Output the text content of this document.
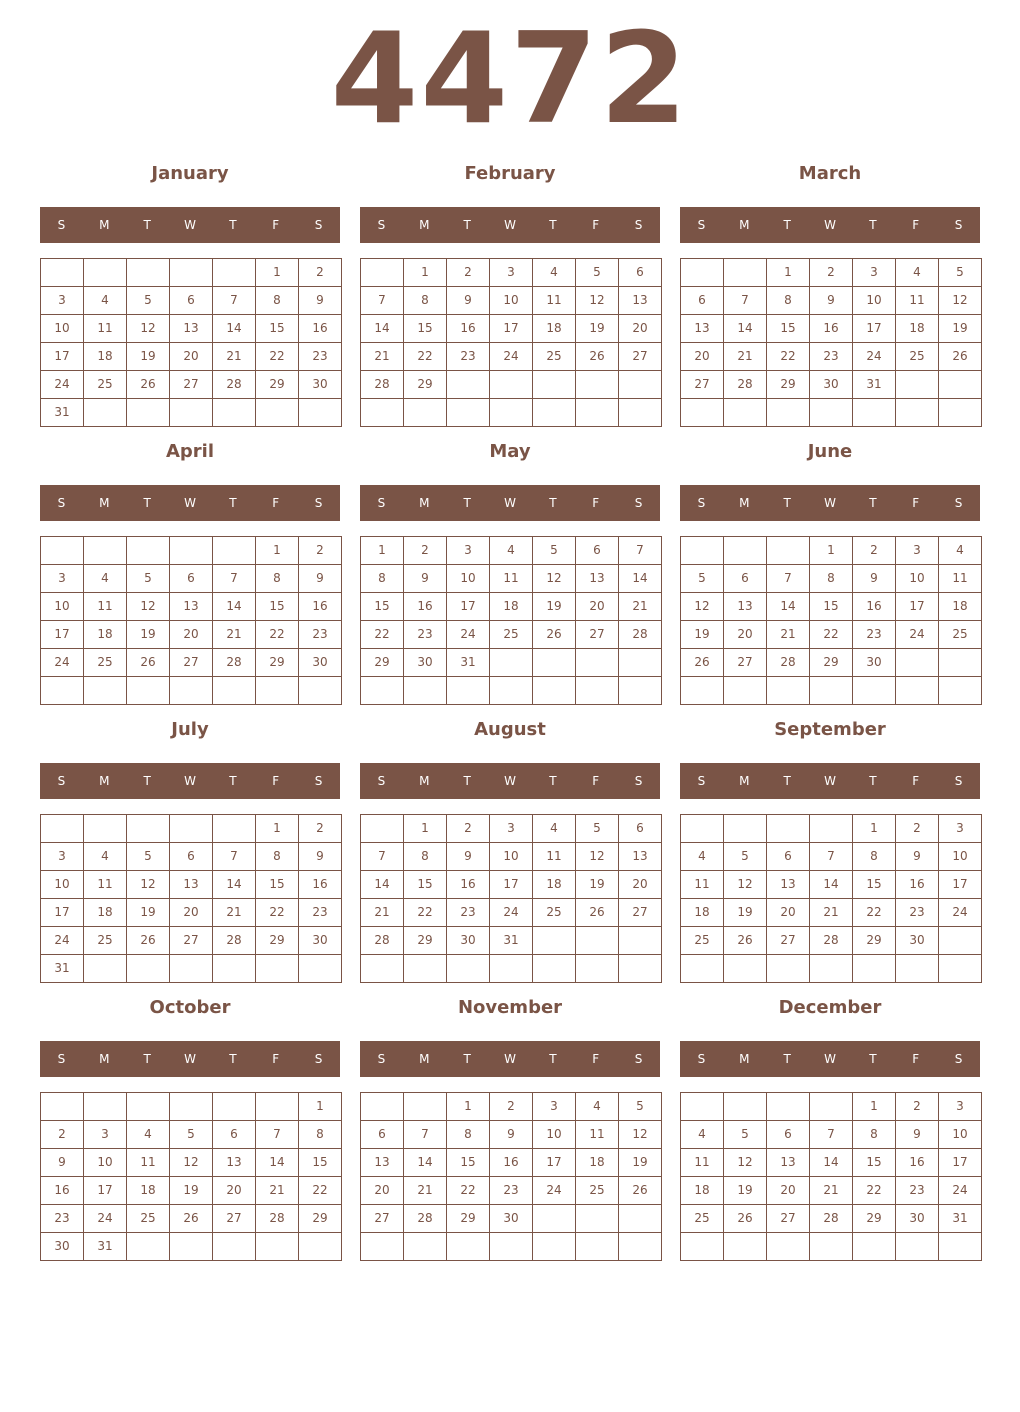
4472
January
S	M	T	W	T	F	S
					1	2
3	4	5	6	7	8	9
10	11	12	13	14	15	16
17	18	19	20	21	22	23
24	25	26	27	28	29	30
31						
February
S	M	T	W	T	F	S
	1	2	3	4	5	6
7	8	9	10	11	12	13
14	15	16	17	18	19	20
21	22	23	24	25	26	27
28	29					

March
S	M	T	W	T	F	S
		1	2	3	4	5
6	7	8	9	10	11	12
13	14	15	16	17	18	19
20	21	22	23	24	25	26
27	28	29	30	31		

April
S	M	T	W	T	F	S
					1	2
3	4	5	6	7	8	9
10	11	12	13	14	15	16
17	18	19	20	21	22	23
24	25	26	27	28	29	30

May
S	M	T	W	T	F	S
1	2	3	4	5	6	7
8	9	10	11	12	13	14
15	16	17	18	19	20	21
22	23	24	25	26	27	28
29	30	31				

June
S	M	T	W	T	F	S
			1	2	3	4
5	6	7	8	9	10	11
12	13	14	15	16	17	18
19	20	21	22	23	24	25
26	27	28	29	30		

July
S	M	T	W	T	F	S
					1	2
3	4	5	6	7	8	9
10	11	12	13	14	15	16
17	18	19	20	21	22	23
24	25	26	27	28	29	30
31						
August
S	M	T	W	T	F	S
	1	2	3	4	5	6
7	8	9	10	11	12	13
14	15	16	17	18	19	20
21	22	23	24	25	26	27
28	29	30	31			

September
S	M	T	W	T	F	S
				1	2	3
4	5	6	7	8	9	10
11	12	13	14	15	16	17
18	19	20	21	22	23	24
25	26	27	28	29	30	

October
S	M	T	W	T	F	S
						1
2	3	4	5	6	7	8
9	10	11	12	13	14	15
16	17	18	19	20	21	22
23	24	25	26	27	28	29
30	31					
November
S	M	T	W	T	F	S
		1	2	3	4	5
6	7	8	9	10	11	12
13	14	15	16	17	18	19
20	21	22	23	24	25	26
27	28	29	30			

December
S	M	T	W	T	F	S
				1	2	3
4	5	6	7	8	9	10
11	12	13	14	15	16	17
18	19	20	21	22	23	24
25	26	27	28	29	30	31
